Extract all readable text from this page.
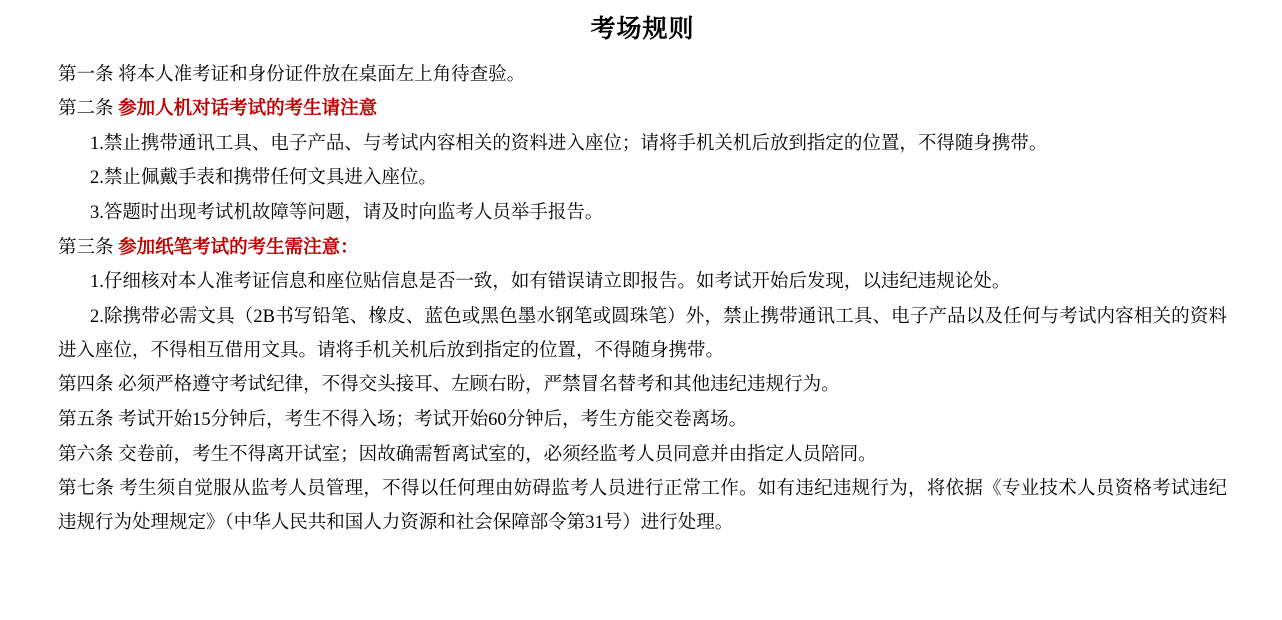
考场规则

第一条 将本人准考证和身份证件放在桌面左上角待查验。

第二条 参加人机对话考试的考生请注意

1.禁止携带通讯工具、电子产品、与考试内容相关的资料进入座位；请将手机关机后放到指定的位置，不得随身携带。

2.禁止佩戴手表和携带任何文具进入座位。

3.答题时出现考试机故障等问题，请及时向监考人员举手报告。

第三条 参加纸笔考试的考生需注意：

1.仔细核对本人准考证信息和座位贴信息是否一致，如有错误请立即报告。如考试开始后发现，以违纪违规论处。

2.除携带必需文具（2B书写铅笔、橡皮、蓝色或黑色墨水钢笔或圆珠笔）外，禁止携带通讯工具、电子产品以及任何与考试内容相关的资料进入座位，不得相互借用文具。请将手机关机后放到指定的位置，不得随身携带。

第四条 必须严格遵守考试纪律，不得交头接耳、左顾右盼，严禁冒名替考和其他违纪违规行为。

第五条 考试开始15分钟后，考生不得入场；考试开始60分钟后，考生方能交卷离场。

第六条 交卷前，考生不得离开试室；因故确需暂离试室的，必须经监考人员同意并由指定人员陪同。

第七条 考生须自觉服从监考人员管理，不得以任何理由妨碍监考人员进行正常工作。如有违纪违规行为，将依据《专业技术人员资格考试违纪违规行为处理规定》（中华人民共和国人力资源和社会保障部令第31号）进行处理。
